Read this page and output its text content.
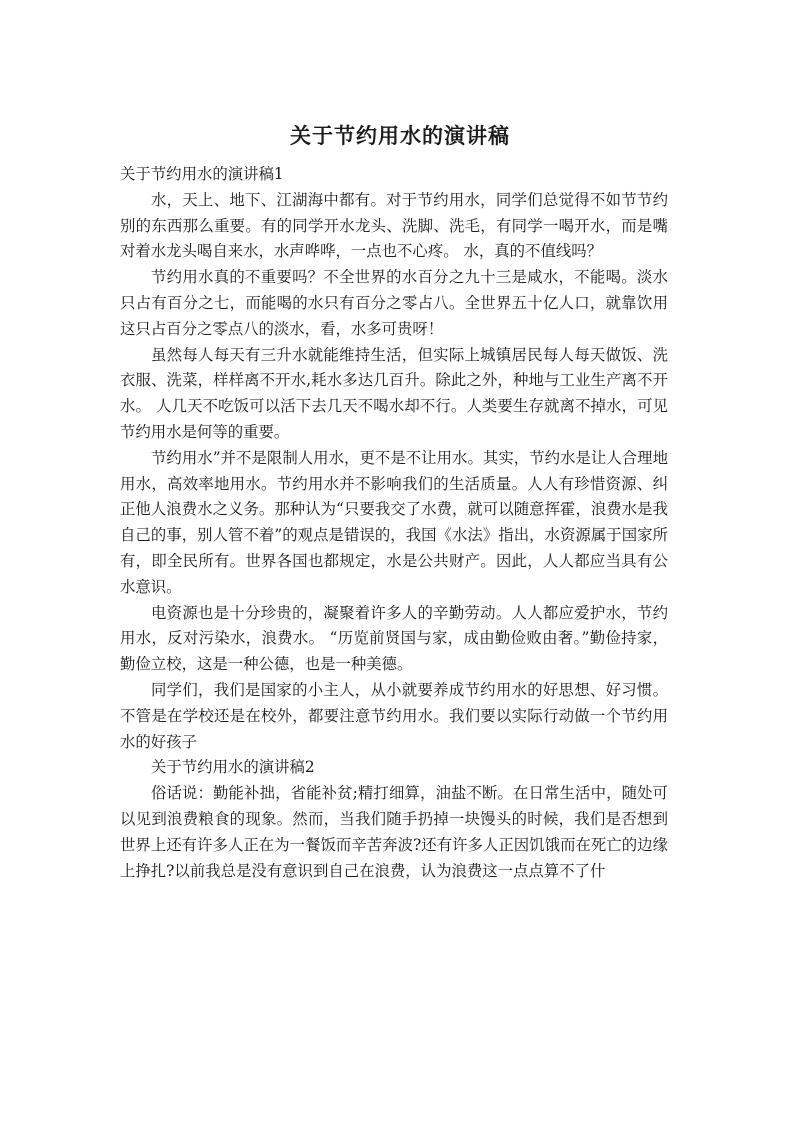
关于节约用水的演讲稿

关于节约用水的演讲稿1

水，天上、地下、江湖海中都有。对于节约用水，同学们总觉得不如节节约别的东西那么重要。有的同学开水龙头、洗脚、洗毛，有同学一喝开水，而是嘴对着水龙头喝自来水，水声哗哗，一点也不心疼。 水，真的不值线吗？

节约用水真的不重要吗？不全世界的水百分之九十三是咸水，不能喝。淡水只占有百分之七，而能喝的水只有百分之零占八。全世界五十亿人口，就靠饮用这只占百分之零点八的淡水，看，水多可贵呀！

虽然每人每天有三升水就能维持生活，但实际上城镇居民每人每天做饭、洗衣服、洗菜，样样离不开水,耗水多达几百升。除此之外，种地与工业生产离不开水。 人几天不吃饭可以活下去几天不喝水却不行。人类要生存就离不掉水，可见节约用水是何等的重要。

节约用水”并不是限制人用水，更不是不让用水。其实，节约水是让人合理地用水，高效率地用水。节约用水并不影响我们的生活质量。人人有珍惜资源、纠正他人浪费水之义务。那种认为“只要我交了水费，就可以随意挥霍，浪费水是我自己的事，别人管不着”的观点是错误的，我国《水法》指出，水资源属于国家所有，即全民所有。世界各国也都规定，水是公共财产。因此，人人都应当具有公水意识。

电资源也是十分珍贵的，凝聚着许多人的辛勤劳动。人人都应爱护水，节约用水，反对污染水，浪费水。 “历览前贤国与家，成由勤俭败由奢。”勤俭持家，勤俭立校，这是一种公德，也是一种美德。

同学们，我们是国家的小主人，从小就要养成节约用水的好思想、好习惯。不管是在学校还是在校外，都要注意节约用水。我们要以实际行动做一个节约用水的好孩子

关于节约用水的演讲稿2

俗话说：勤能补拙，省能补贫;精打细算，油盐不断。在日常生活中，随处可以见到浪费粮食的现象。然而，当我们随手扔掉一块馒头的时候，我们是否想到世界上还有许多人正在为一餐饭而辛苦奔波?还有许多人正因饥饿而在死亡的边缘上挣扎?以前我总是没有意识到自己在浪费，认为浪费这一点点算不了什
